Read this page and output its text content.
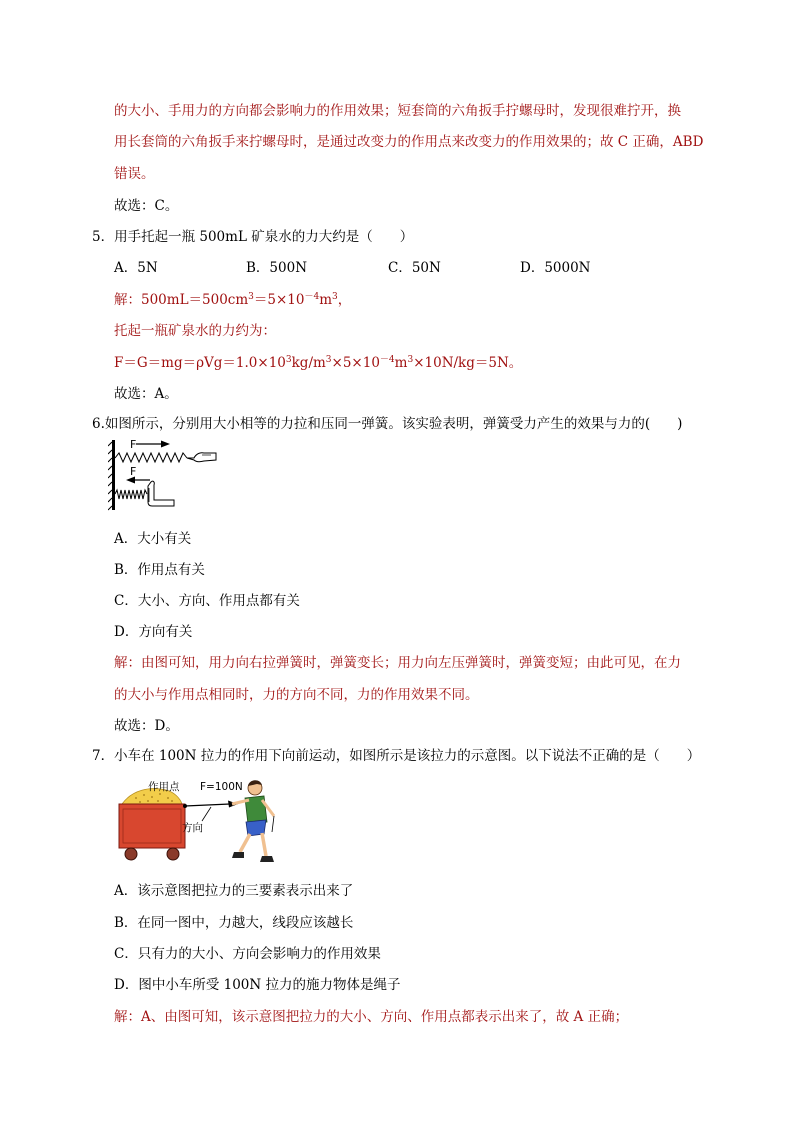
的大小、手用力的方向都会影响力的作用效果；短套筒的六角扳手拧螺母时，发现很难拧开，换
用长套筒的六角扳手来拧螺母时，是通过改变力的作用点来改变力的作用效果的；故 C 正确，ABD
错误。
故选：C。
5．用手托起一瓶 500mL 矿泉水的力大约是（　　）
A．5N	B．500N	C．50N	D．5000N
解：$500mL=500cm^3=5\times 10^{-4}m^3$，
托起一瓶矿泉水的力约为：
$F=G=mg=\rho Vg=1.0\times 10^3kg/m^3\times 5\times 10^{-4}m^3\times 10N/kg=5N$。
故选：A。
6.如图所示，分别用大小相等的力拉和压同一弹簧。该实验表明，弹簧受力产生的效果与力的(　　)
F
F
A．大小有关
B．作用点有关
C．大小、方向、作用点都有关
D．方向有关
解：由图可知，用力向右拉弹簧时，弹簧变长；用力向左压弹簧时，弹簧变短；由此可见，在力
的大小与作用点相同时，力的方向不同，力的作用效果不同。
故选：D。
7．小车在 100N 拉力的作用下向前运动，如图所示是该拉力的示意图。以下说法不正确的是（　　）
作用点 F=100N
方向
A．该示意图把拉力的三要素表示出来了
B．在同一图中，力越大，线段应该越长
C．只有力的大小、方向会影响力的作用效果
D．图中小车所受 100N 拉力的施力物体是绳子
解：A、由图可知，该示意图把拉力的大小、方向、作用点都表示出来了，故 A 正确；
